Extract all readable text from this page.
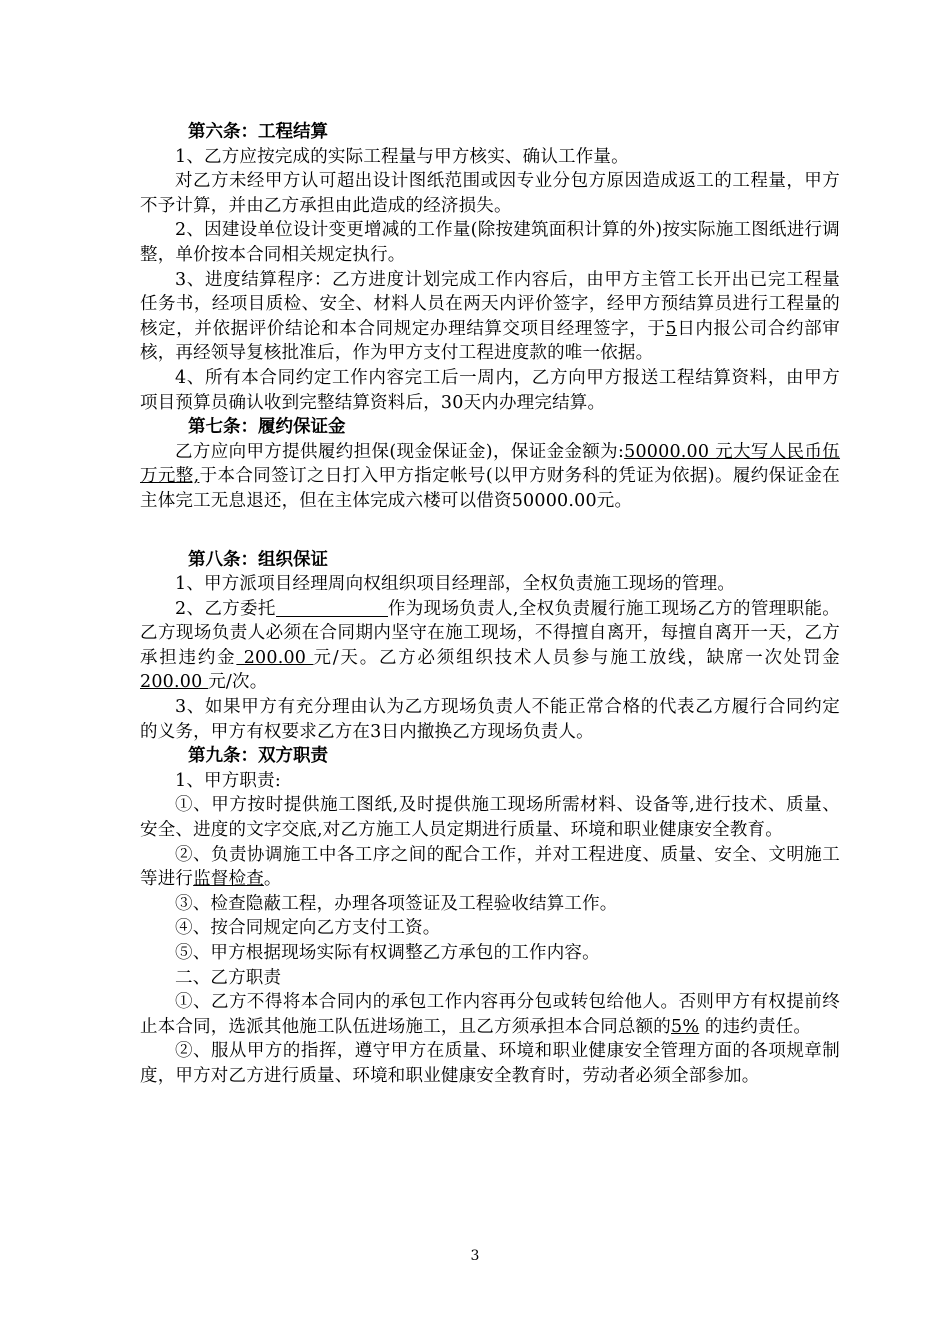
第六条：工程结算

1、乙方应按完成的实际工程量与甲方核实、确认工作量。

对乙方未经甲方认可超出设计图纸范围或因专业分包方原因造成返工的工程量，甲方不予计算，并由乙方承担由此造成的经济损失。

2、因建设单位设计变更增减的工作量(除按建筑面积计算的外)按实际施工图纸进行调整，单价按本合同相关规定执行。

3、进度结算程序：乙方进度计划完成工作内容后，由甲方主管工长开出已完工程量任务书，经项目质检、安全、材料人员在两天内评价签字，经甲方预结算员进行工程量的核定，并依据评价结论和本合同规定办理结算交项目经理签字，于5日内报公司合约部审核，再经领导复核批准后，作为甲方支付工程进度款的唯一依据。

4、所有本合同约定工作内容完工后一周内，乙方向甲方报送工程结算资料，由甲方项目预算员确认收到完整结算资料后，30天内办理完结算。

第七条：履约保证金

乙方应向甲方提供履约担保(现金保证金)，保证金金额为:50000.00 元大写人民币伍万元整,于本合同签订之日打入甲方指定帐号(以甲方财务科的凭证为依据)。履约保证金在主体完工无息退还，但在主体完成六楼可以借资50000.00元。

第八条：组织保证

1、甲方派项目经理周向权组织项目经理部，全权负责施工现场的管理。

2、乙方委托	作为现场负责人,全权负责履行施工现场乙方的管理职能。乙方现场负责人必须在合同期内坚守在施工现场，不得擅自离开，每擅自离开一天，乙方承担违约金 200.00 元/天。乙方必须组织技术人员参与施工放线，缺席一次处罚金 200.00 元/次。

3、如果甲方有充分理由认为乙方现场负责人不能正常合格的代表乙方履行合同约定的义务，甲方有权要求乙方在3日内撤换乙方现场负责人。

第九条：双方职责

1、甲方职责:

①、甲方按时提供施工图纸,及时提供施工现场所需材料、设备等,进行技术、质量、安全、进度的文字交底,对乙方施工人员定期进行质量、环境和职业健康安全教育。

②、负责协调施工中各工序之间的配合工作，并对工程进度、质量、安全、文明施工等进行监督检查。

③、检查隐蔽工程，办理各项签证及工程验收结算工作。

④、按合同规定向乙方支付工资。

⑤、甲方根据现场实际有权调整乙方承包的工作内容。

二、乙方职责

①、乙方不得将本合同内的承包工作内容再分包或转包给他人。否则甲方有权提前终止本合同，选派其他施工队伍进场施工，且乙方须承担本合同总额的5% 的违约责任。

②、服从甲方的指挥，遵守甲方在质量、环境和职业健康安全管理方面的各项规章制度，甲方对乙方进行质量、环境和职业健康安全教育时，劳动者必须全部参加。

3
